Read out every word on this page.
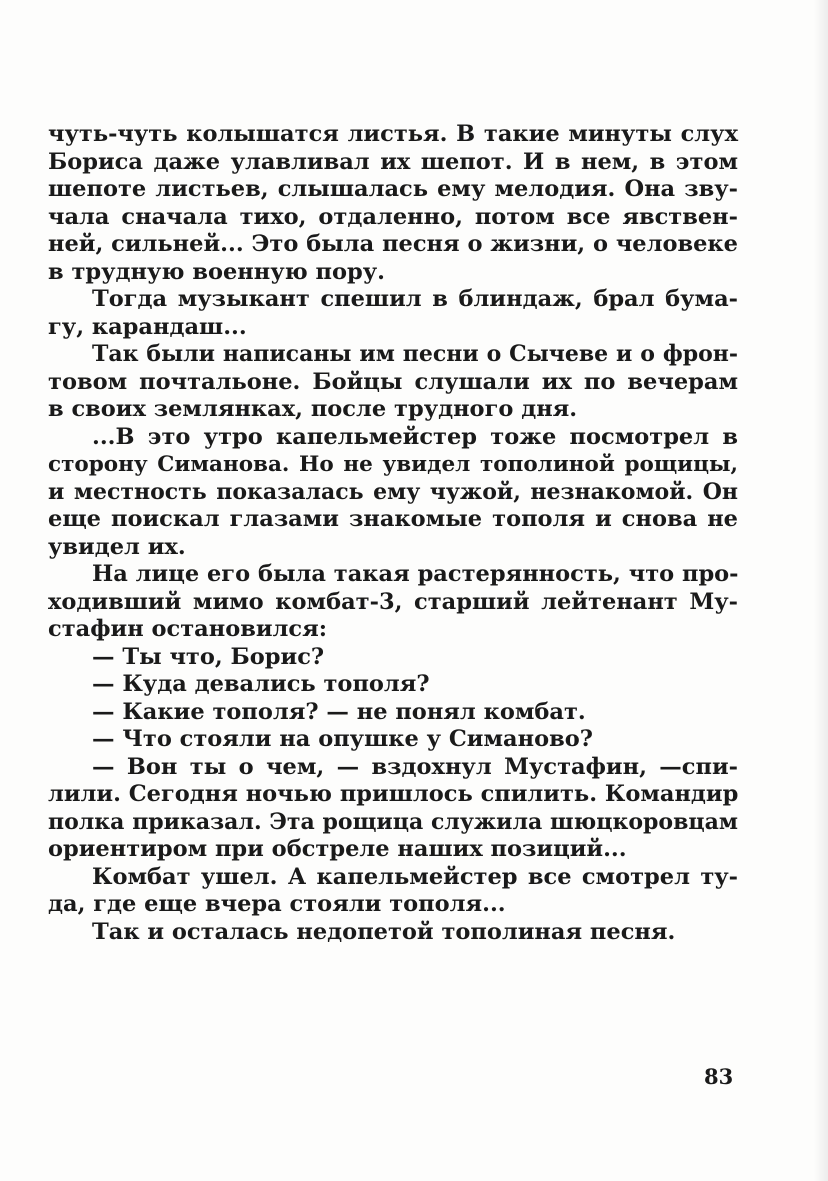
чуть-чуть колышатся листья. В такие минуты слух
Бориса даже улавливал их шепот. И в нем, в этом
шепоте листьев, слышалась ему мелодия. Она зву-
чала сначала тихо, отдаленно, потом все явствен-
ней, сильней... Это была песня о жизни, о человеке
в трудную военную пору.
Тогда музыкант спешил в блиндаж, брал бума-
гу, карандаш...
Так были написаны им песни о Сычеве и о фрон-
товом почтальоне. Бойцы слушали их по вечерам
в своих землянках, после трудного дня.
...В это утро капельмейстер тоже посмотрел в
сторону Симанова. Но не увидел тополиной рощицы,
и местность показалась ему чужой, незнакомой. Он
еще поискал глазами знакомые тополя и снова не
увидел их.
На лице его была такая растерянность, что про-
ходивший мимо комбат-3, старший лейтенант Му-
стафин остановился:
— Ты что, Борис?
— Куда девались тополя?
— Какие тополя? — не понял комбат.
— Что стояли на опушке у Симаново?
— Вон ты о чем, — вздохнул Мустафин, —спи-
лили. Сегодня ночью пришлось спилить. Командир
полка приказал. Эта рощица служила шюцкоровцам
ориентиром при обстреле наших позиций...
Комбат ушел. А капельмейстер все смотрел ту-
да, где еще вчера стояли тополя...
Так и осталась недопетой тополиная песня.
83
